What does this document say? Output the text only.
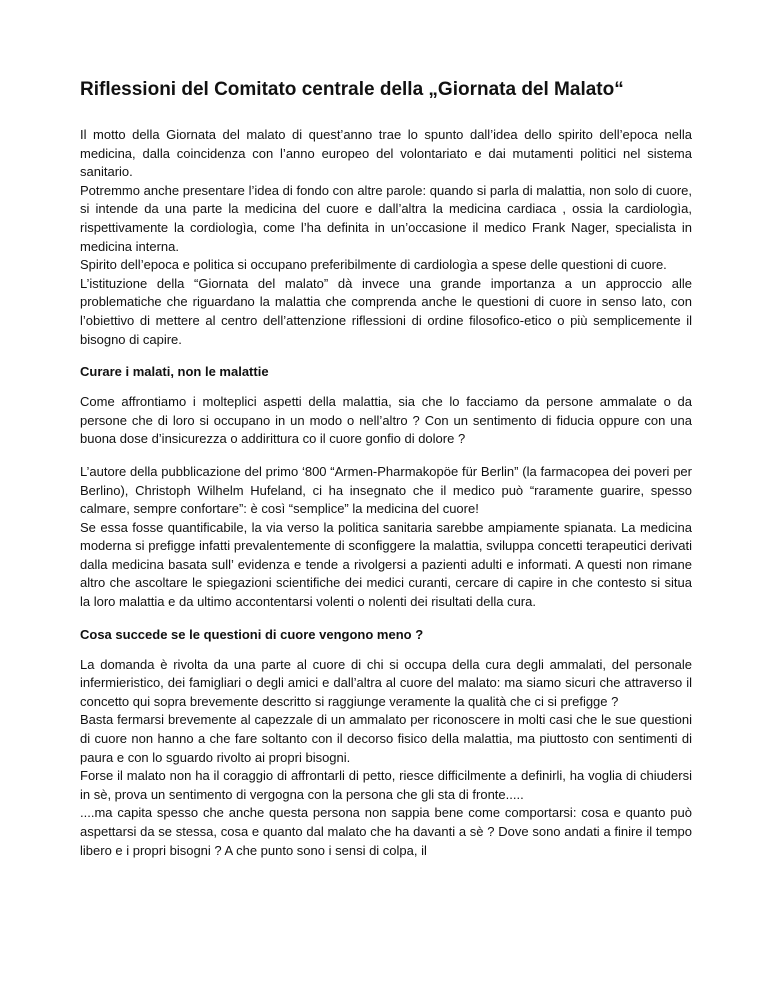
Riflessioni del Comitato centrale della „Giornata del Malato“

Il motto della Giornata del malato di quest’anno trae lo spunto dall’idea dello spirito dell’epoca nella medicina, dalla coincidenza con l’anno europeo del volontariato e dai mutamenti politici nel sistema sanitario.

Potremmo anche presentare l’idea di fondo con altre parole: quando si parla di malattia, non solo di cuore, si intende da una parte la medicina del cuore e dall’altra la medicina cardiaca , ossia la cardiologìa, rispettivamente la cordiologìa, come l’ha definita in un’occasione il medico Frank Nager, specialista in medicina interna.

Spirito dell’epoca e politica si occupano preferibilmente di cardiologìa a spese delle questioni di cuore.

L’istituzione della “Giornata del malato” dà invece una grande importanza a un approccio alle problematiche che riguardano la malattia che comprenda anche le questioni di cuore in senso lato, con l’obiettivo di mettere al centro dell’attenzione riflessioni di ordine filosofico-etico o più semplicemente il bisogno di capire.

Curare i malati, non le malattie

Come affrontiamo i molteplici aspetti della malattia, sia che lo facciamo da persone ammalate o da persone che di loro si occupano in un modo o nell’altro ? Con un sentimento di fiducia oppure con una buona dose d’insicurezza o addirittura co il cuore gonfio di dolore ?

L’autore della pubblicazione del primo ‘800 “Armen-Pharmakopöe für Berlin” (la farmacopea dei poveri per Berlino), Christoph Wilhelm Hufeland, ci ha insegnato che il medico può “raramente guarire, spesso calmare, sempre confortare”: è così “semplice” la medicina del cuore!

Se essa fosse quantificabile, la via verso la politica sanitaria sarebbe ampiamente spianata. La medicina moderna si prefigge infatti prevalentemente di sconfiggere la malattia, sviluppa concetti terapeutici derivati dalla medicina basata sull’ evidenza e tende a rivolgersi a pazienti adulti e informati. A questi non rimane altro che ascoltare le spiegazioni scientifiche dei medici curanti, cercare di capire in che contesto si situa la loro malattia e da ultimo accontentarsi volenti o nolenti dei risultati della cura.

Cosa succede se le questioni di cuore vengono meno ?

La domanda è rivolta da una parte al cuore di chi si occupa della cura degli ammalati, del personale infermieristico, dei famigliari o degli amici e dall’altra al cuore del malato: ma siamo sicuri che attraverso il concetto qui sopra brevemente descritto si raggiunge veramente la qualità che ci si prefigge ?

Basta fermarsi brevemente al capezzale di un ammalato per riconoscere in molti casi che le sue questioni di cuore non hanno a che fare soltanto con il decorso fisico della malattia, ma piuttosto con sentimenti di paura e con lo sguardo rivolto ai propri bisogni.

Forse il malato non ha il coraggio di affrontarli di petto, riesce difficilmente a definirli, ha voglia di chiudersi in sè, prova un sentimento di vergogna con la persona che gli sta di fronte.....

....ma capita spesso che anche questa persona non sappia bene come comportarsi: cosa e quanto può aspettarsi da se stessa, cosa e quanto dal malato che ha davanti a sè ? Dove sono andati a finire il tempo libero e i propri bisogni ? A che punto sono i sensi di colpa, il
